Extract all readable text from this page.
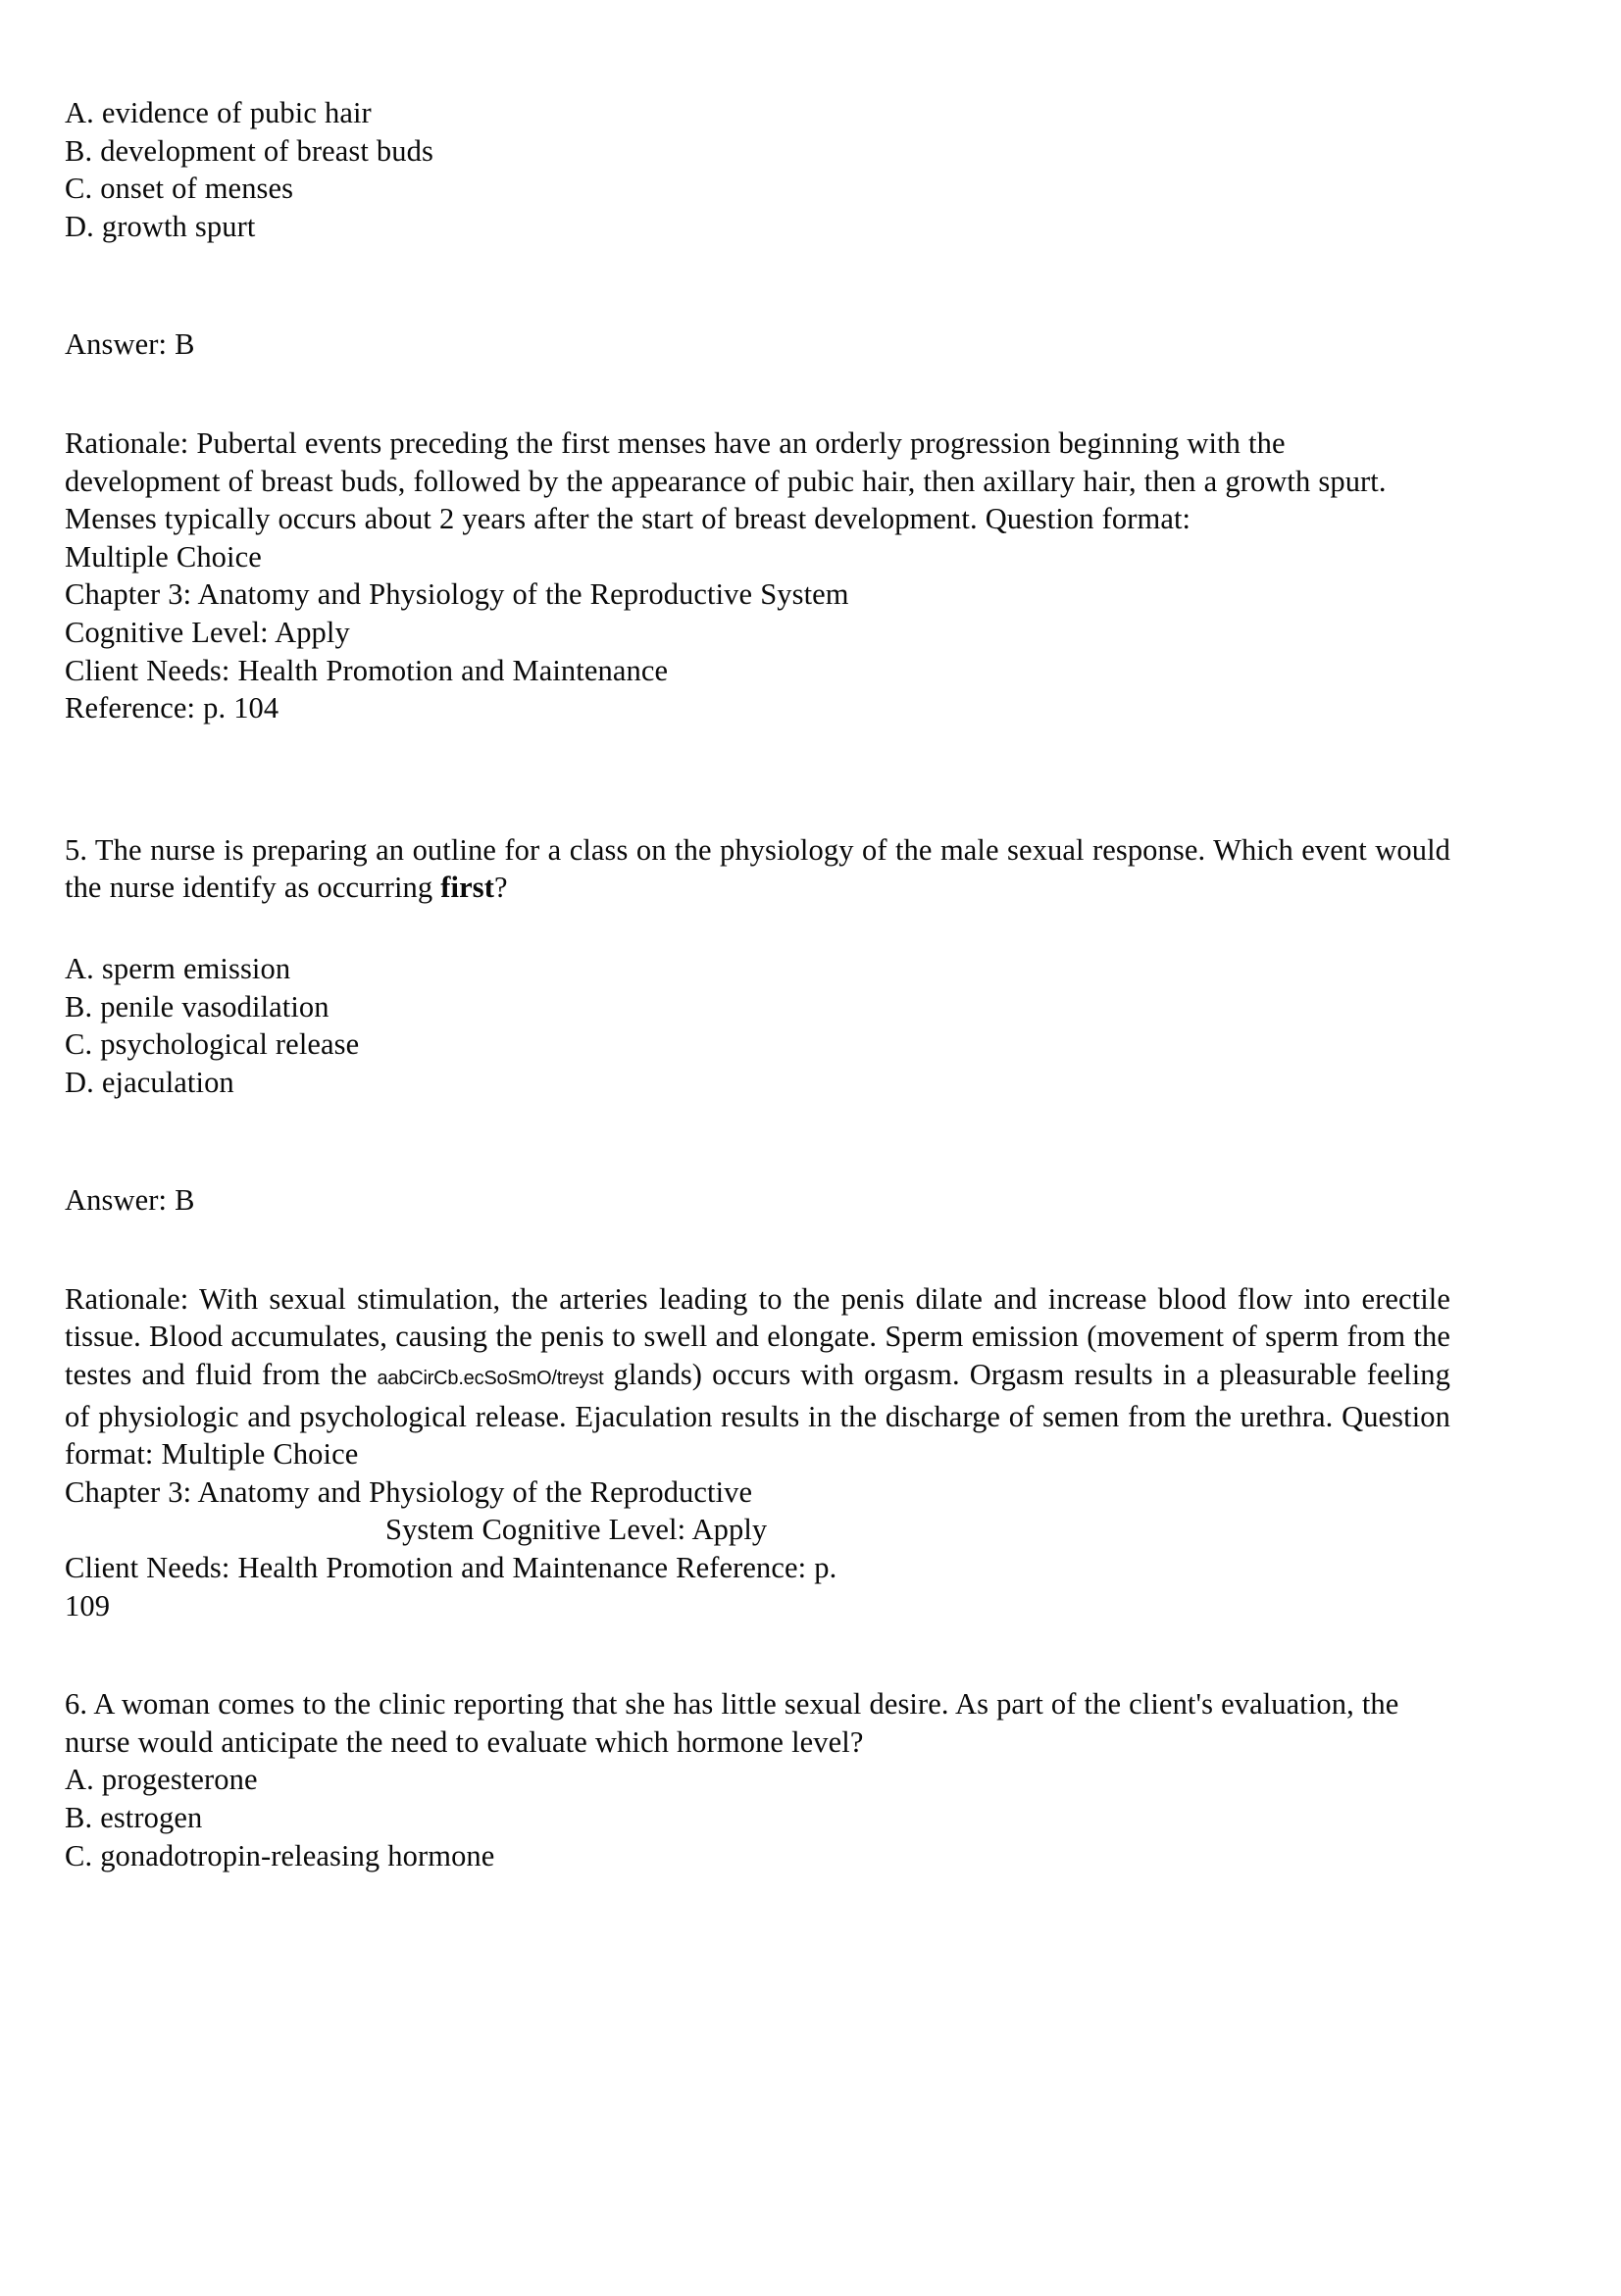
A. evidence of pubic hair
B. development of breast buds
C. onset of menses
D. growth spurt
Answer: B
Rationale: Pubertal events preceding the first menses have an orderly progression beginning with the development of breast buds, followed by the appearance of pubic hair, then axillary hair, then a growth spurt. Menses typically occurs about 2 years after the start of breast development. Question format:
Multiple Choice
Chapter 3: Anatomy and Physiology of the Reproductive System
Cognitive Level: Apply
Client Needs: Health Promotion and Maintenance
Reference: p. 104
5. The nurse is preparing an outline for a class on the physiology of the male sexual response. Which event would the nurse identify as occurring first?
A. sperm emission
B. penile vasodilation
C. psychological release
D. ejaculation
Answer: B
Rationale: With sexual stimulation, the arteries leading to the penis dilate and increase blood flow into erectile tissue. Blood accumulates, causing the penis to swell and elongate. Sperm emission (movement of sperm from the testes and fluid from the aabCirCb.ecSoSmO/treyst glands) occurs with orgasm. Orgasm results in a pleasurable feeling of physiologic and psychological release. Ejaculation results in the discharge of semen from the urethra. Question format: Multiple Choice
Chapter 3: Anatomy and Physiology of the Reproductive
System Cognitive Level: Apply
Client Needs: Health Promotion and Maintenance Reference: p.
109
6. A woman comes to the clinic reporting that she has little sexual desire. As part of the client's evaluation, the nurse would anticipate the need to evaluate which hormone level?
A. progesterone
B. estrogen
C. gonadotropin-releasing hormone
